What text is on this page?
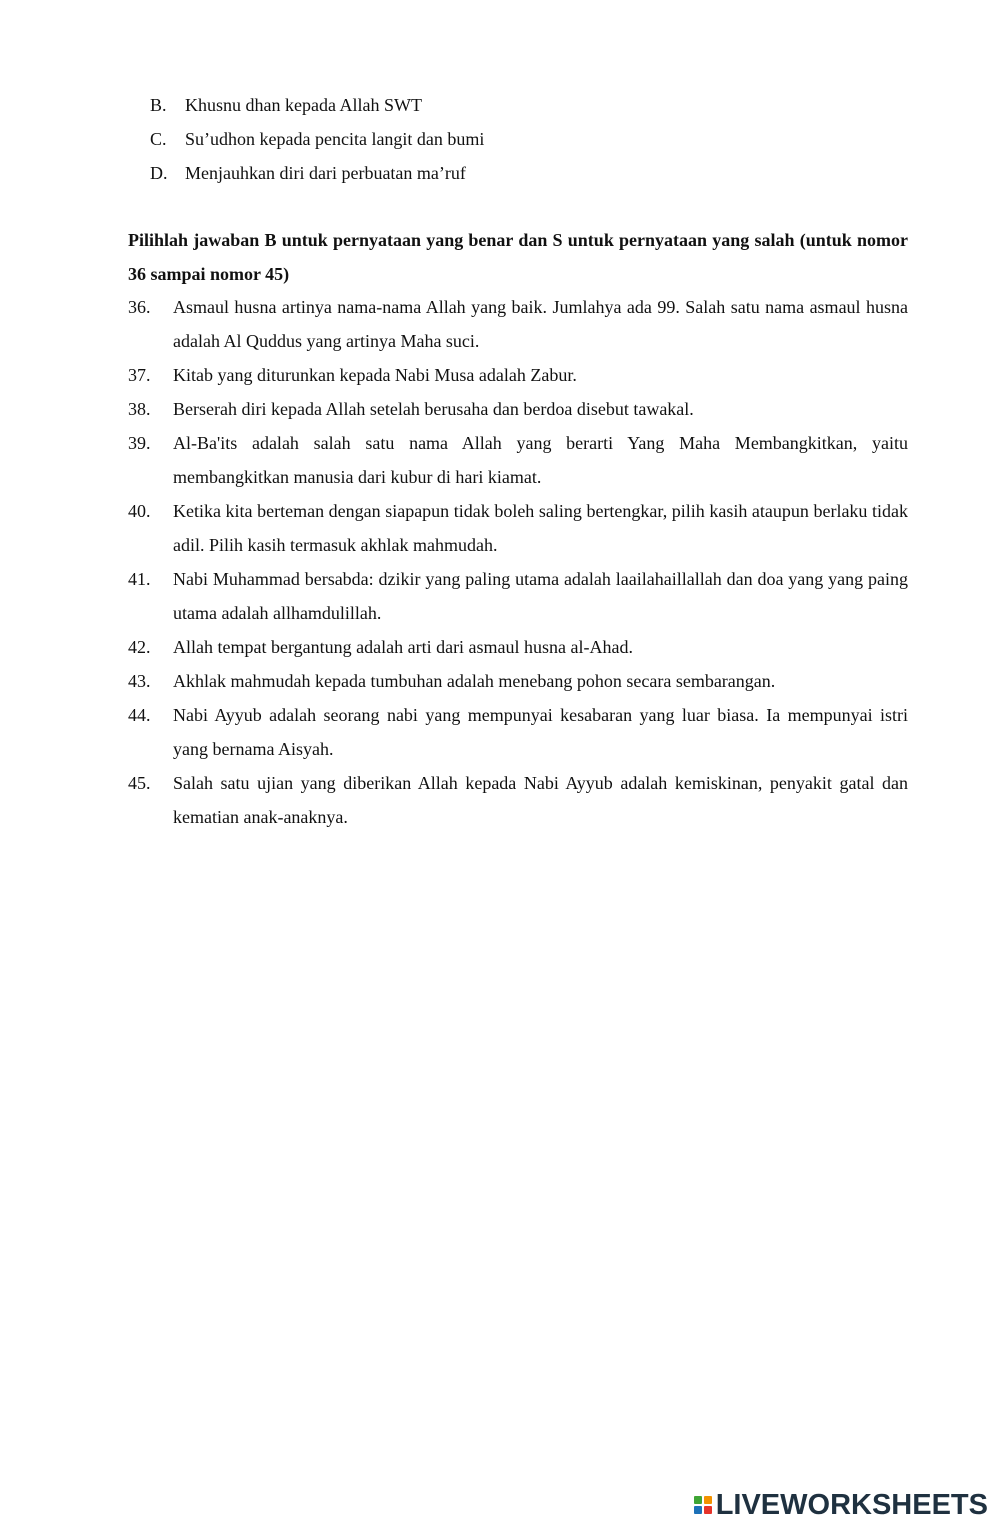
B. Khusnu dhan kepada Allah SWT
C. Su’udhon kepada pencita langit dan bumi
D. Menjauhkan diri dari perbuatan ma’ruf
Pilihlah jawaban B untuk pernyataan yang benar dan S untuk pernyataan yang salah (untuk nomor 36 sampai nomor 45)
36. Asmaul husna artinya nama-nama Allah yang baik. Jumlahya ada 99. Salah satu nama asmaul husna adalah Al Quddus yang artinya Maha suci.
37. Kitab yang diturunkan kepada Nabi Musa adalah Zabur.
38. Berserah diri kepada Allah setelah berusaha dan berdoa disebut tawakal.
39. Al-Ba'its adalah salah satu nama Allah yang berarti Yang Maha Membangkitkan, yaitu membangkitkan manusia dari kubur di hari kiamat.
40. Ketika kita berteman dengan siapapun tidak boleh saling bertengkar, pilih kasih ataupun berlaku tidak adil. Pilih kasih termasuk akhlak mahmudah.
41. Nabi Muhammad bersabda: dzikir yang paling utama adalah laailahaillallah dan doa yang yang paing utama adalah allhamdulillah.
42. Allah tempat bergantung adalah arti dari asmaul husna al-Ahad.
43. Akhlak mahmudah kepada tumbuhan adalah menebang pohon secara sembarangan.
44. Nabi Ayyub adalah seorang nabi yang mempunyai kesabaran yang luar biasa. Ia mempunyai istri yang bernama Aisyah.
45. Salah satu ujian yang diberikan Allah kepada Nabi Ayyub adalah kemiskinan, penyakit gatal dan kematian anak-anaknya.
LIVEWORKSHEETS
